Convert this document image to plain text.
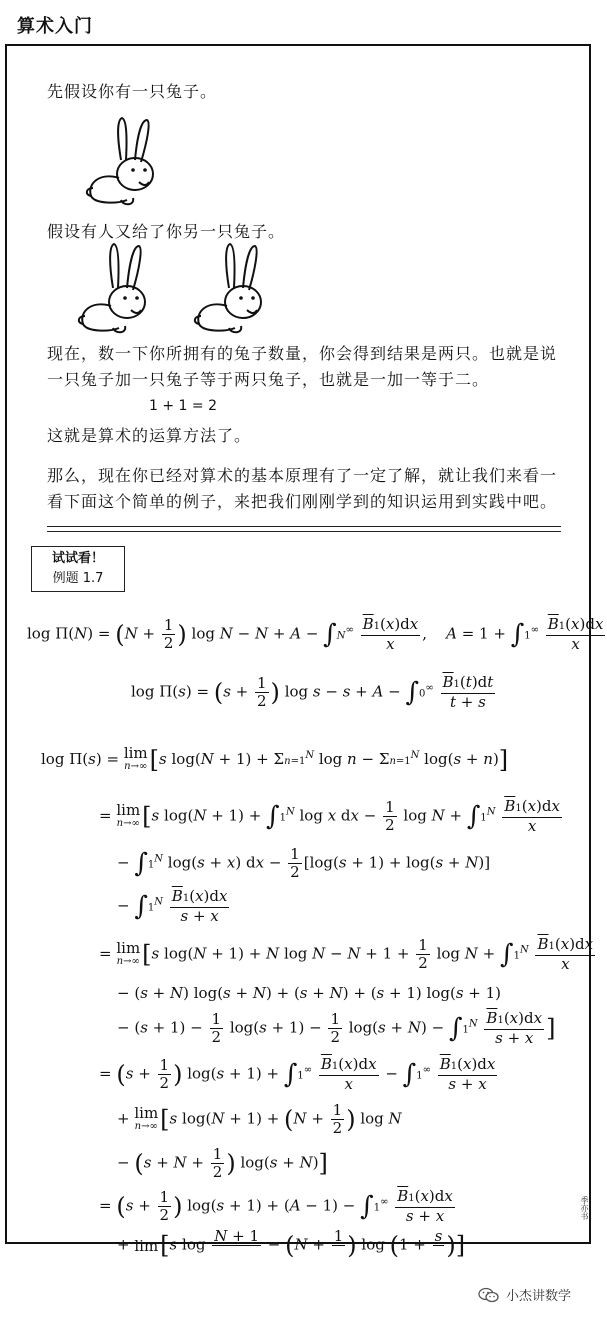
算术入门
先假设你有一只兔子。
假设有人又给了你另一只兔子。
现在，数一下你所拥有的兔子数量，你会得到结果是两只。也就是说
一只兔子加一只兔子等于两只兔子，也就是一加一等于二。
1 + 1 = 2
这就是算术的运算方法了。
那么，现在你已经对算术的基本原理有了一定了解，就让我们来看一
看下面这个简单的例子，来把我们刚刚学到的知识运用到实践中吧。
试试看！
例题 1.7
$\log \Pi(N) = (N + \frac{1}{2}$ ) $\log N - N + A - \int N^\infty \frac{\overline{B}1(x)dx}{x}$ ,    $A = 1 + \int 1^\infty \frac{\overline{B}1(x)dx}{x}$
$\log \Pi(s) = (s + \frac{1}{2}$ ) $\log s - s + A - \int 0^\infty \frac{\overline{B}1(t)dt}{t + s}$
log Π(s) = lim
n→∞ [s $\log(N + 1) + \Sigma n=1^N$ $\log n - \Sigma n=1^N$ log(s + n)]
= lim
n→∞ [s $\log(N + 1) + \int 1^N$ log x dx − $\frac{1}{2}$ $\log N + \int 1^N \frac{\overline{B}1(x)dx}{x}$
− $\int 1^N$ log(s + x) dx − $\frac{1}{2} [\log(s + 1) + \log(s + N)]$
− $\int 1^N \frac{\overline{B}1(x)dx}{s + x}$
= lim
n→∞ [s log(N + 1) + N $\log N - N + 1 + \frac{1}{2}$ $\log N + \int 1^N \frac{\overline{B}1(x)dx}{x}$
− (s + N) log(s + N) + (s + N) + (s + 1) log(s + 1)
− $(s + 1) - \frac{1}{2} \log(s + 1) - \frac{1}{2} \log(s + N) - \int 1^N \frac{\overline{B}1(x)dx}{s + x}$ ]
= ($s + \frac{1}{2}$ ) $\log(s + 1) + \int 1^\infty \frac{\overline{B}1(x)dx}{x} - \int 1^\infty \frac{\overline{B}1(x)dx}{s + x}$
+ lim
n→∞ [s $\log(N + 1) + (N + \frac{1}{2}$ ) log N
− ($s + N + \frac{1}{2}$ ) log(s + N)]
= ($s + \frac{1}{2}$ ) $\log(s + 1) + (A - 1) - \int 1^\infty \frac{\overline{B}1(x)dx}{s + x}$
+ lim[s log N + 1
− (N + 1
) log (1 + s
)]
季亦书
小杰讲数学
